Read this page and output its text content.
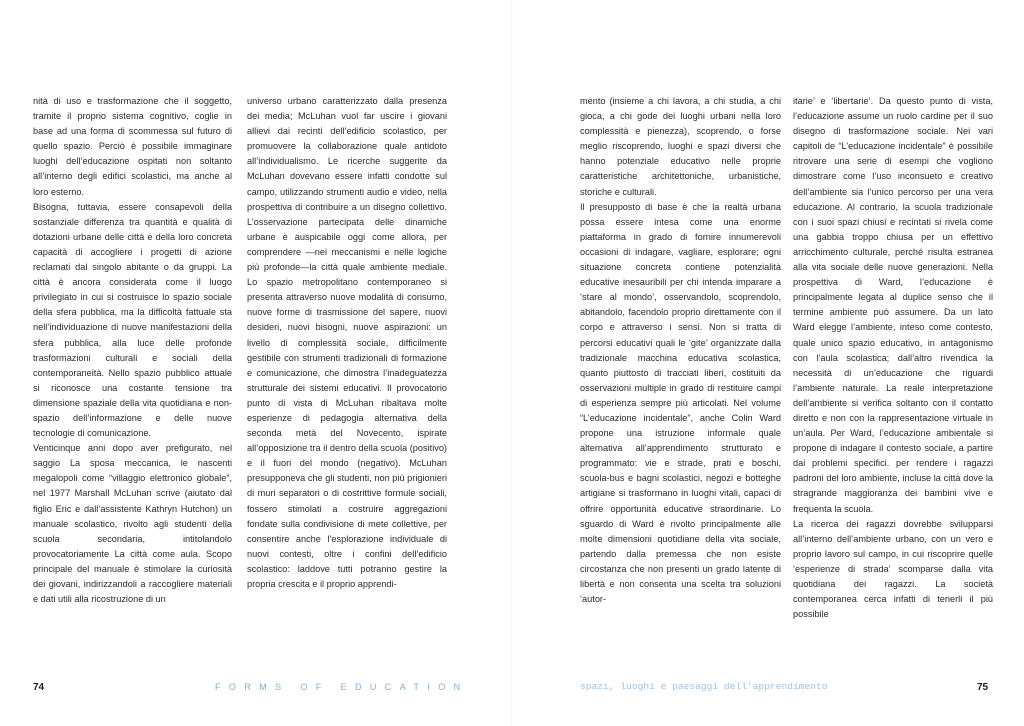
nità di uso e trasformazione che il soggetto, tramite il proprio sistema cognitivo, coglie in base ad una forma di scommessa sul futuro di quello spazio. Perciò è possibile immaginare luoghi dell’educazione ospitati non soltanto all’interno degli edifici scolastici, ma anche al loro esterno.

Bisogna, tuttavia, essere consapevoli della sostanziale differenza tra quantità e qualità di dotazioni urbane delle città e della loro concreta capacità di accogliere i progetti di azione reclamati dal singolo abitante o da gruppi. La città è ancora considerata come il luogo privilegiato in cui si costruisce lo spazio sociale della sfera pubblica, ma la difficoltà fattuale sta nell’individuazione di nuove manifestazioni della sfera pubblica, alla luce delle profonde trasformazioni culturali e sociali della contemporaneità. Nello spazio pubblico attuale si riconosce una costante tensione tra dimensione spaziale della vita quotidiana e non-spazio dell’informazione e delle nuove tecnologie di comunicazione.

Venticinque anni dopo aver prefigurato, nel saggio La sposa meccanica, le nascenti megalopoli come “villaggio elettronico globale”, nel 1977 Marshall McLuhan scrive (aiutato dal figlio Eric e dall’assistente Kathryn Hutchon) un manuale scolastico, rivolto agli studenti della scuola secondaria, intitolandolo provocatoriamente La città come aula. Scopo principale del manuale è stimolare la curiosità dei giovani, indirizzandoli a raccogliere materiali e dati utili alla ricostruzione di un

universo urbano caratterizzato dalla presenza dei media; McLuhan vuol far uscire i giovani allievi dai recinti dell’edificio scolastico, per promuovere la collaborazione quale antidoto all’individualismo. Le ricerche suggerite da McLuhan dovevano essere infatti condotte sul campo, utilizzando strumenti audio e video, nella prospettiva di contribuire a un disegno collettivo. L’osservazione partecipata delle dinamiche urbane è auspicabile oggi come allora, per comprendere —nei meccanismi e nelle logiche più profonde—la città quale ambiente mediale. Lo spazio metropolitano contemporaneo si presenta attraverso nuove modalità di consumo, nuove forme di trasmissione del sapere, nuovi desideri, nuovi bisogni, nuove aspirazioni: un livello di complessità sociale, difficilmente gestibile con strumenti tradizionali di formazione e comunicazione, che dimostra l’inadeguatezza strutturale dei sistemi educativi. Il provocatorio punto di vista di McLuhan ribaltava molte esperienze di pedagogia alternativa della seconda metà del Novecento, ispirate all’opposizione tra il dentro della scuola (positivo) e il fuori del mondo (negativo). McLuhan presupponeva che gli studenti, non più prigionieri di muri separatori o di costrittive formule sociali, fossero stimolati a costruire aggregazioni fondate sulla condivisione di mete collettive, per consentire anche l’esplorazione individuale di nuovi contesti, oltre i confini dell’edificio scolastico: laddove tutti potranno gestire la propria crescita e il proprio apprendi-

mento (insieme a chi lavora, a chi studia, a chi gioca, a chi gode dei luoghi urbani nella loro complessità e pienezza), scoprendo, o forse meglio riscoprendo, luoghi e spazi diversi che hanno potenziale educativo nelle proprie caratteristiche architettoniche, urbanistiche, storiche e culturali.

Il presupposto di base è che la realtà urbana possa essere intesa come una enorme piattaforma in grado di fornire innumerevoli occasioni di indagare, vagliare, esplorare; ogni situazione concreta contiene potenzialità educative inesauribili per chi intenda imparare a ‘stare al mondo’, osservandolo, scoprendolo, abitandolo, facendolo proprio direttamente con il corpo e attraverso i sensi. Non si tratta di percorsi educativi quali le ‘gite’ organizzate dalla tradizionale macchina educativa scolastica, quanto piuttosto di tracciati liberi, costituiti da osservazioni multiple in grado di restituire campi di esperienza sempre più articolati. Nel volume “L’educazione incidentale”, anche Colin Ward propone una istruzione informale quale alternativa all’apprendimento strutturato e programmato: vie e strade, prati e boschi, scuola-bus e bagni scolastici, negozi e botteghe artigiane si trasformano in luoghi vitali, capaci di offrire opportunità educative straordinarie. Lo sguardo di Ward è rivolto principalmente alle molte dimensioni quotidiane della vita sociale, partendo dalla premessa che non esiste circostanza che non presenti un grado latente di libertà e non consenta una scelta tra soluzioni ‘autor-

itarie’ e ‘libertarie’. Da questo punto di vista, l’educazione assume un ruolo cardine per il suo disegno di trasformazione sociale. Nei vari capitoli de “L’educazione incidentale” è possibile ritrovare una serie di esempi che vogliono dimostrare come l’uso inconsueto e creativo dell’ambiente sia l’unico percorso per una vera educazione. Al contrario, la scuola tradizionale con i suoi spazi chiusi e recintati si rivela come una gabbia troppo chiusa per un effettivo arricchimento culturale, perché risulta estranea alla vita sociale delle nuove generazioni. Nella prospettiva di Ward, l’educazione è principalmente legata al duplice senso che il termine ambiente può assumere. Da un lato Ward elegge l’ambiente, inteso come contesto, quale unico spazio educativo, in antagonismo con l’aula scolastica; dall’altro rivendica la necessità di un’educazione che riguardi l’ambiente naturale. La reale interpretazione dell’ambiente si verifica soltanto con il contatto diretto e non con la rappresentazione virtuale in un’aula. Per Ward, l’educazione ambientale si propone di indagare il contesto sociale, a partire dai problemi specifici. per rendere i ragazzi padroni del loro ambiente, incluse la città dove la stragrande maggioranza dei bambini vive e frequenta la scuola.

La ricerca dei ragazzi dovrebbe svilupparsi all’interno dell’ambiente urbano, con un vero e proprio lavoro sul campo, in cui riscoprire quelle ‘esperienze di strada’ scomparse dalla vita quotidiana dei ragazzi. La società contemporanea cerca infatti di tenerli il più possibile

74	FORMS OF EDUCATION	spazi, luoghi e paesaggi dell’apprendimento	75
